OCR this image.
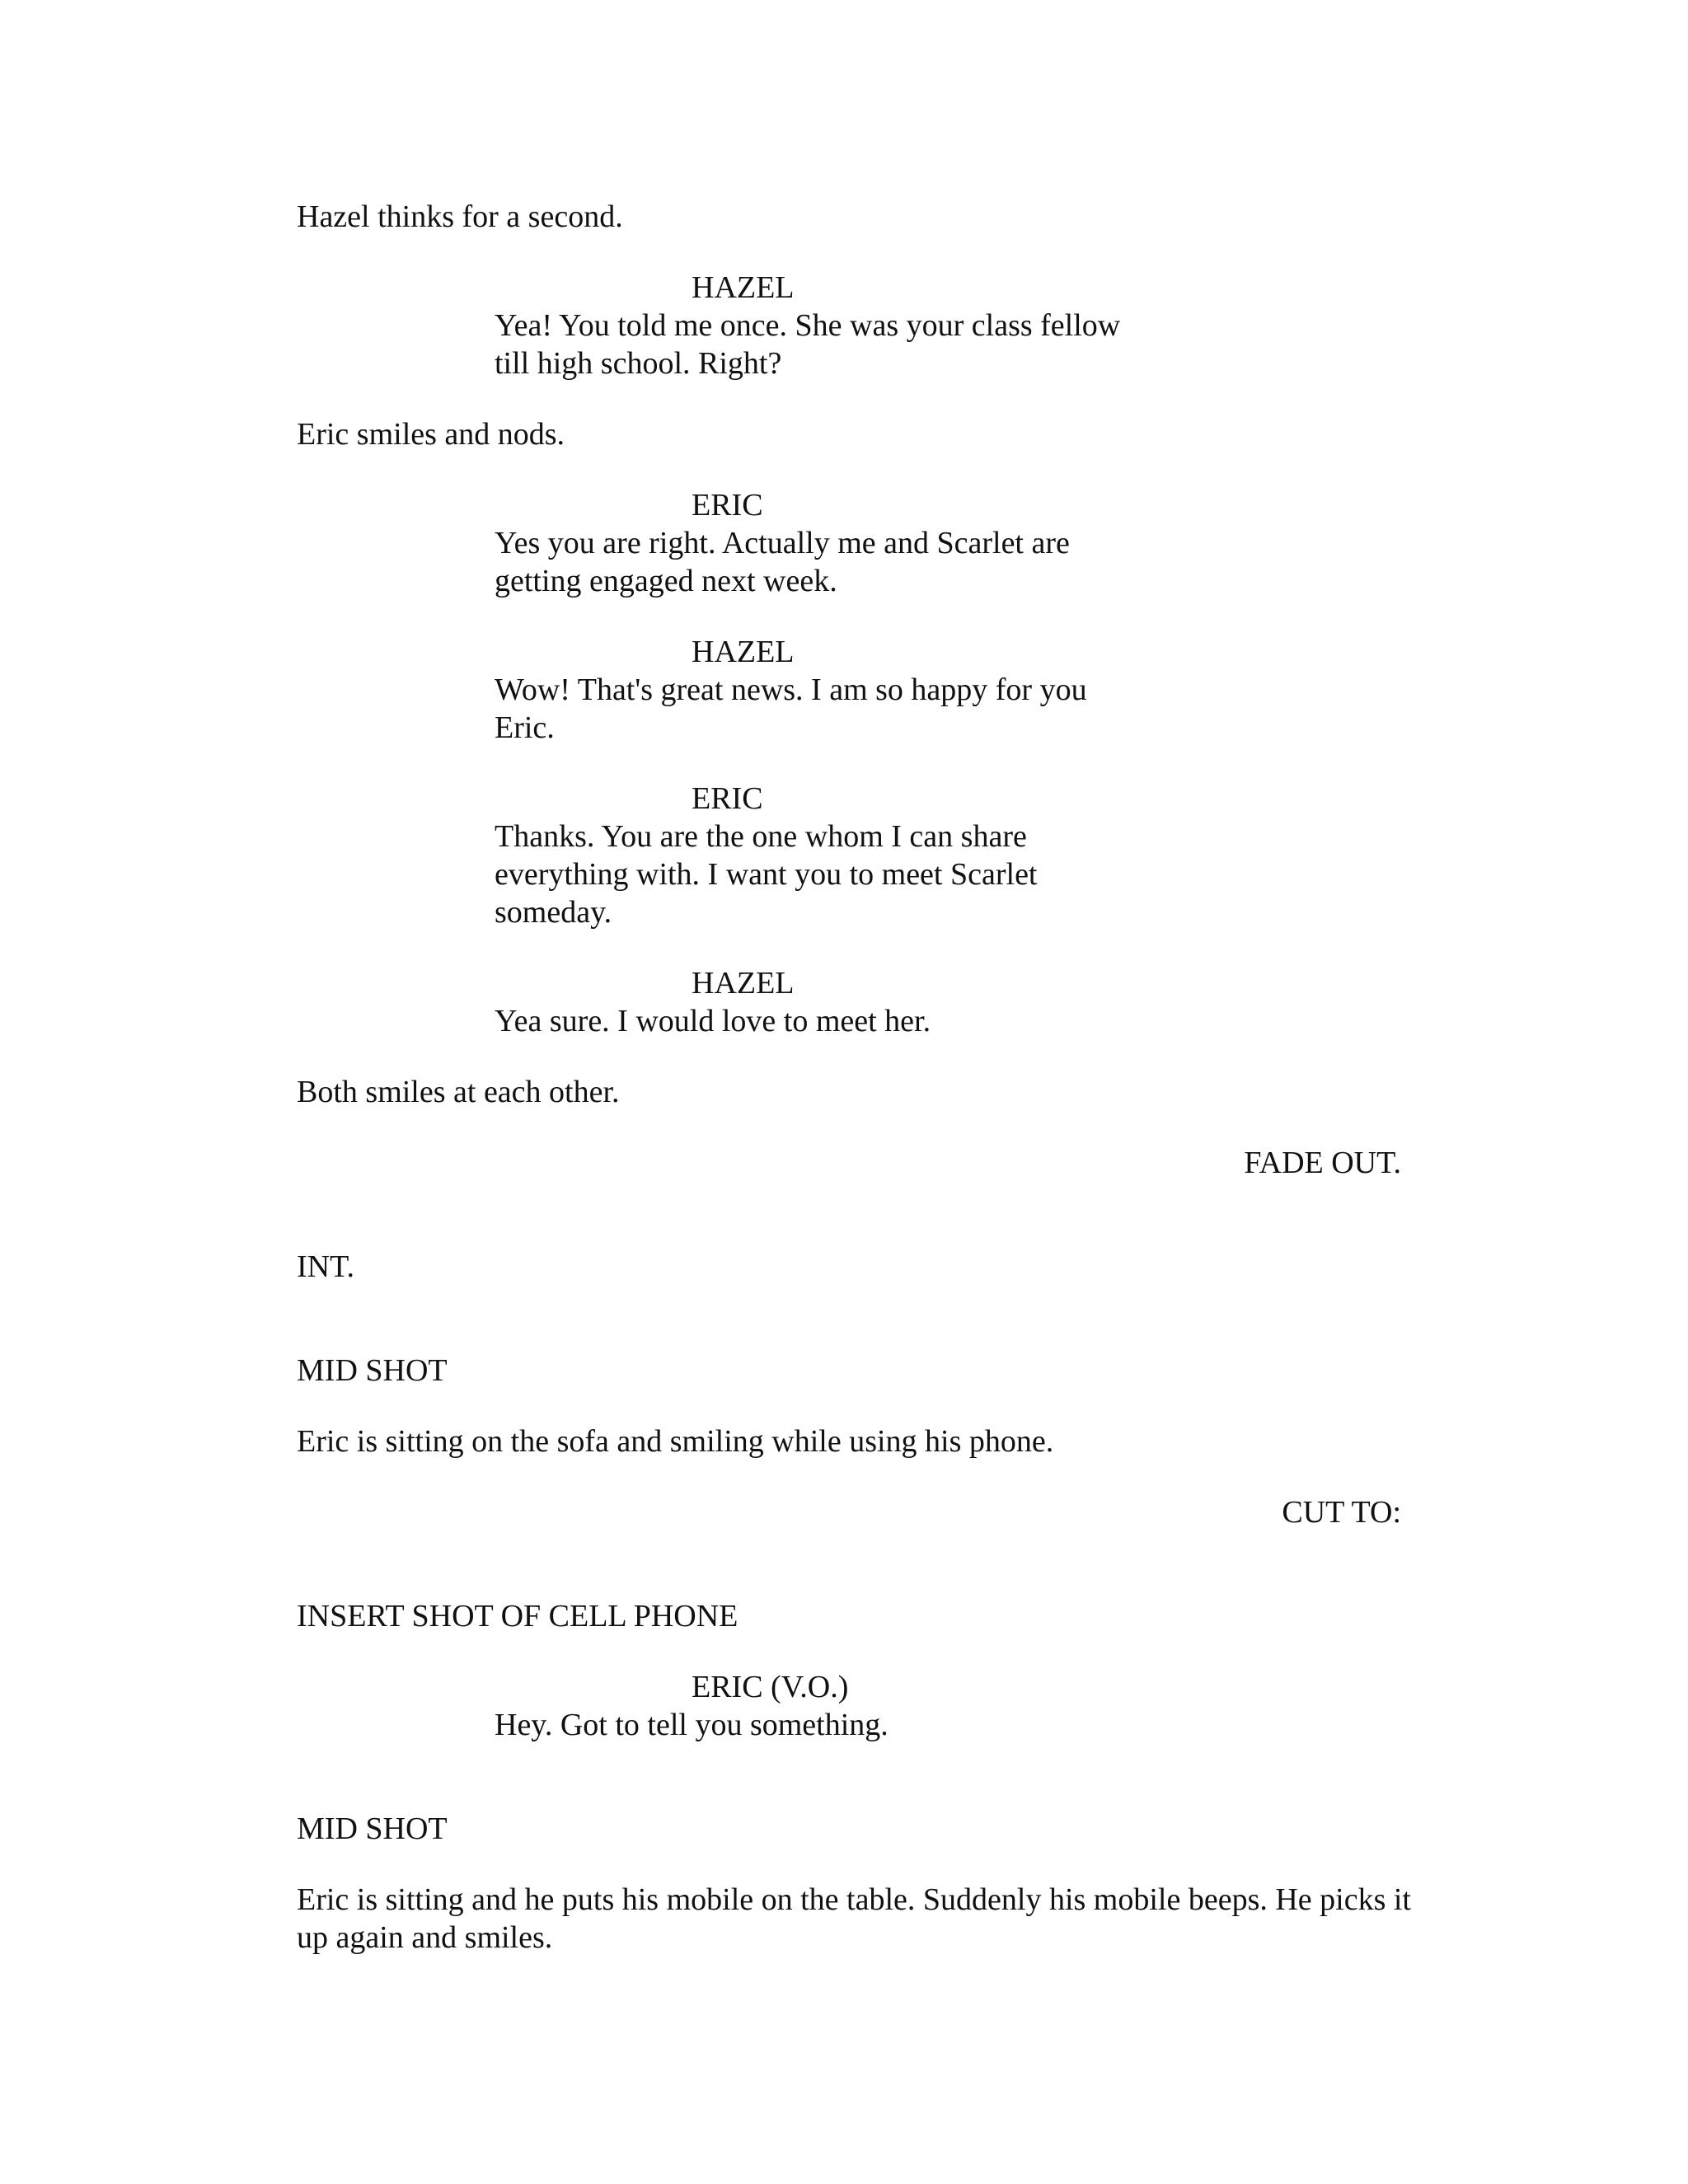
Hazel thinks for a second.

HAZEL

Yea! You told me once. She was your class fellow
till high school. Right?

Eric smiles and nods.

ERIC

Yes you are right. Actually me and Scarlet are
getting engaged next week.

HAZEL

Wow! That's great news. I am so happy for you
Eric.

ERIC

Thanks. You are the one whom I can share
everything with. I want you to meet Scarlet
someday.

HAZEL

Yea sure. I would love to meet her.

Both smiles at each other.

FADE OUT.

INT.

MID SHOT

Eric is sitting on the sofa and smiling while using his phone.

CUT TO:

INSERT SHOT OF CELL PHONE

ERIC (V.O.)

Hey. Got to tell you something.

MID SHOT

Eric is sitting and he puts his mobile on the table. Suddenly his mobile beeps. He picks it
up again and smiles.
